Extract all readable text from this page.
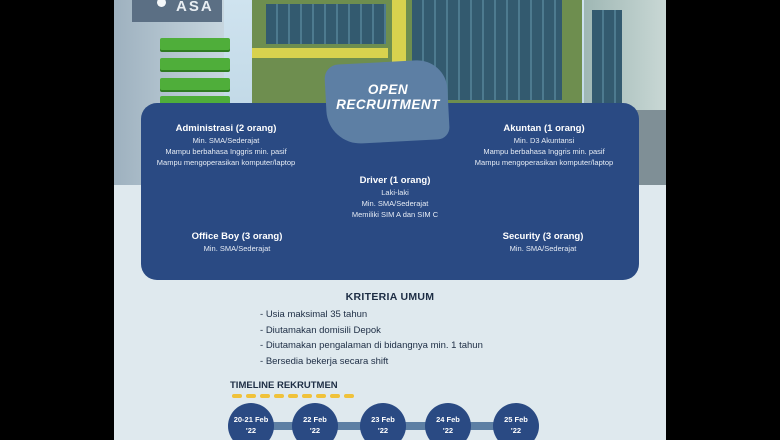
ASA
Administrasi (2 orang)
Min. SMA/Sederajat
Mampu berbahasa Inggris min. pasif
Mampu mengoperasikan komputer/laptop
Akuntan (1 orang)
Min. D3 Akuntansi
Mampu berbahasa Inggris min. pasif
Mampu mengoperasikan komputer/laptop
Driver (1 orang)
Laki-laki
Min. SMA/Sederajat
Memiliki SIM A dan SIM C
Office Boy (3 orang)
Min. SMA/Sederajat
Security (3 orang)
Min. SMA/Sederajat
OPEN
RECRUITMENT
KRITERIA UMUM
- Usia maksimal 35 tahun
- Diutamakan domisili Depok
- Diutamakan pengalaman di bidangnya min. 1 tahun
- Bersedia bekerja secara shift
TIMELINE REKRUTMEN
20-21 Feb
'22
22 Feb
'22
23 Feb
'22
24 Feb
'22
25 Feb
'22
